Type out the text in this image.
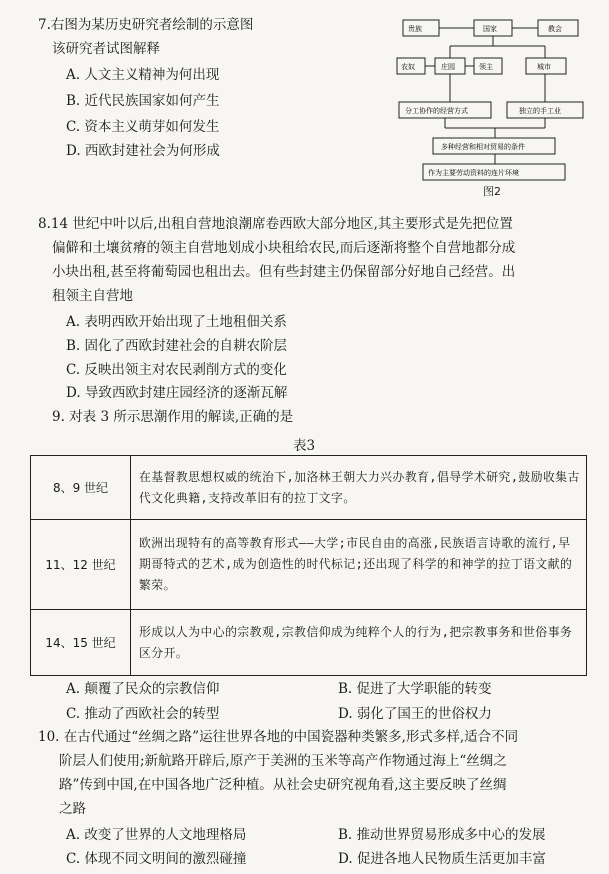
7.右图为某历史研究者绘制的示意图
该研究者试图解释
A. 人文主义精神为何出现
B. 近代民族国家如何产生
C. 资本主义萌芽如何发生
D. 西欧封建社会为何形成
贵族	国家	教会
农奴	庄园	领主	城市
分工协作的经营方式	独立的手工业
多种经营和相对贸易的条件
作为主要劳动资料的连片环境
图2
8.14 世纪中叶以后,出租自营地浪潮席卷西欧大部分地区,其主要形式是先把位置
偏僻和土壤贫瘠的领主自营地划成小块租给农民,而后逐渐将整个自营地都分成
小块出租,甚至将葡萄园也租出去。但有些封建主仍保留部分好地自己经营。出
租领主自营地
A. 表明西欧开始出现了土地租佃关系
B. 固化了西欧封建社会的自耕农阶层
C. 反映出领主对农民剥削方式的变化
D. 导致西欧封建庄园经济的逐渐瓦解
9. 对表 3 所示思潮作用的解读,正确的是
表3
8、9 世纪	在基督教思想权威的统治下,加洛林王朝大力兴办教育,倡导学术研究,鼓励收集古代文化典籍,支持改革旧有的拉丁文字。
11、12 世纪	欧洲出现特有的高等教育形式——大学;市民自由的高涨,民族语言诗歌的流行,早期哥特式的艺术,成为创造性的时代标记;还出现了科学的和神学的拉丁语文献的繁荣。
14、15 世纪	形成以人为中心的宗教观,宗教信仰成为纯粹个人的行为,把宗教事务和世俗事务区分开。
A. 颠覆了民众的宗教信仰	B. 促进了大学职能的转变
C. 推动了西欧社会的转型	D. 弱化了国王的世俗权力
10. 在古代通过“丝绸之路”运往世界各地的中国瓷器种类繁多,形式多样,适合不同
阶层人们使用;新航路开辟后,原产于美洲的玉米等高产作物通过海上“丝绸之
路”传到中国,在中国各地广泛种植。从社会史研究视角看,这主要反映了丝绸
之路
A. 改变了世界的人文地理格局	B. 推动世界贸易形成多中心的发展
C. 体现不同文明间的激烈碰撞	D. 促进各地人民物质生活更加丰富
